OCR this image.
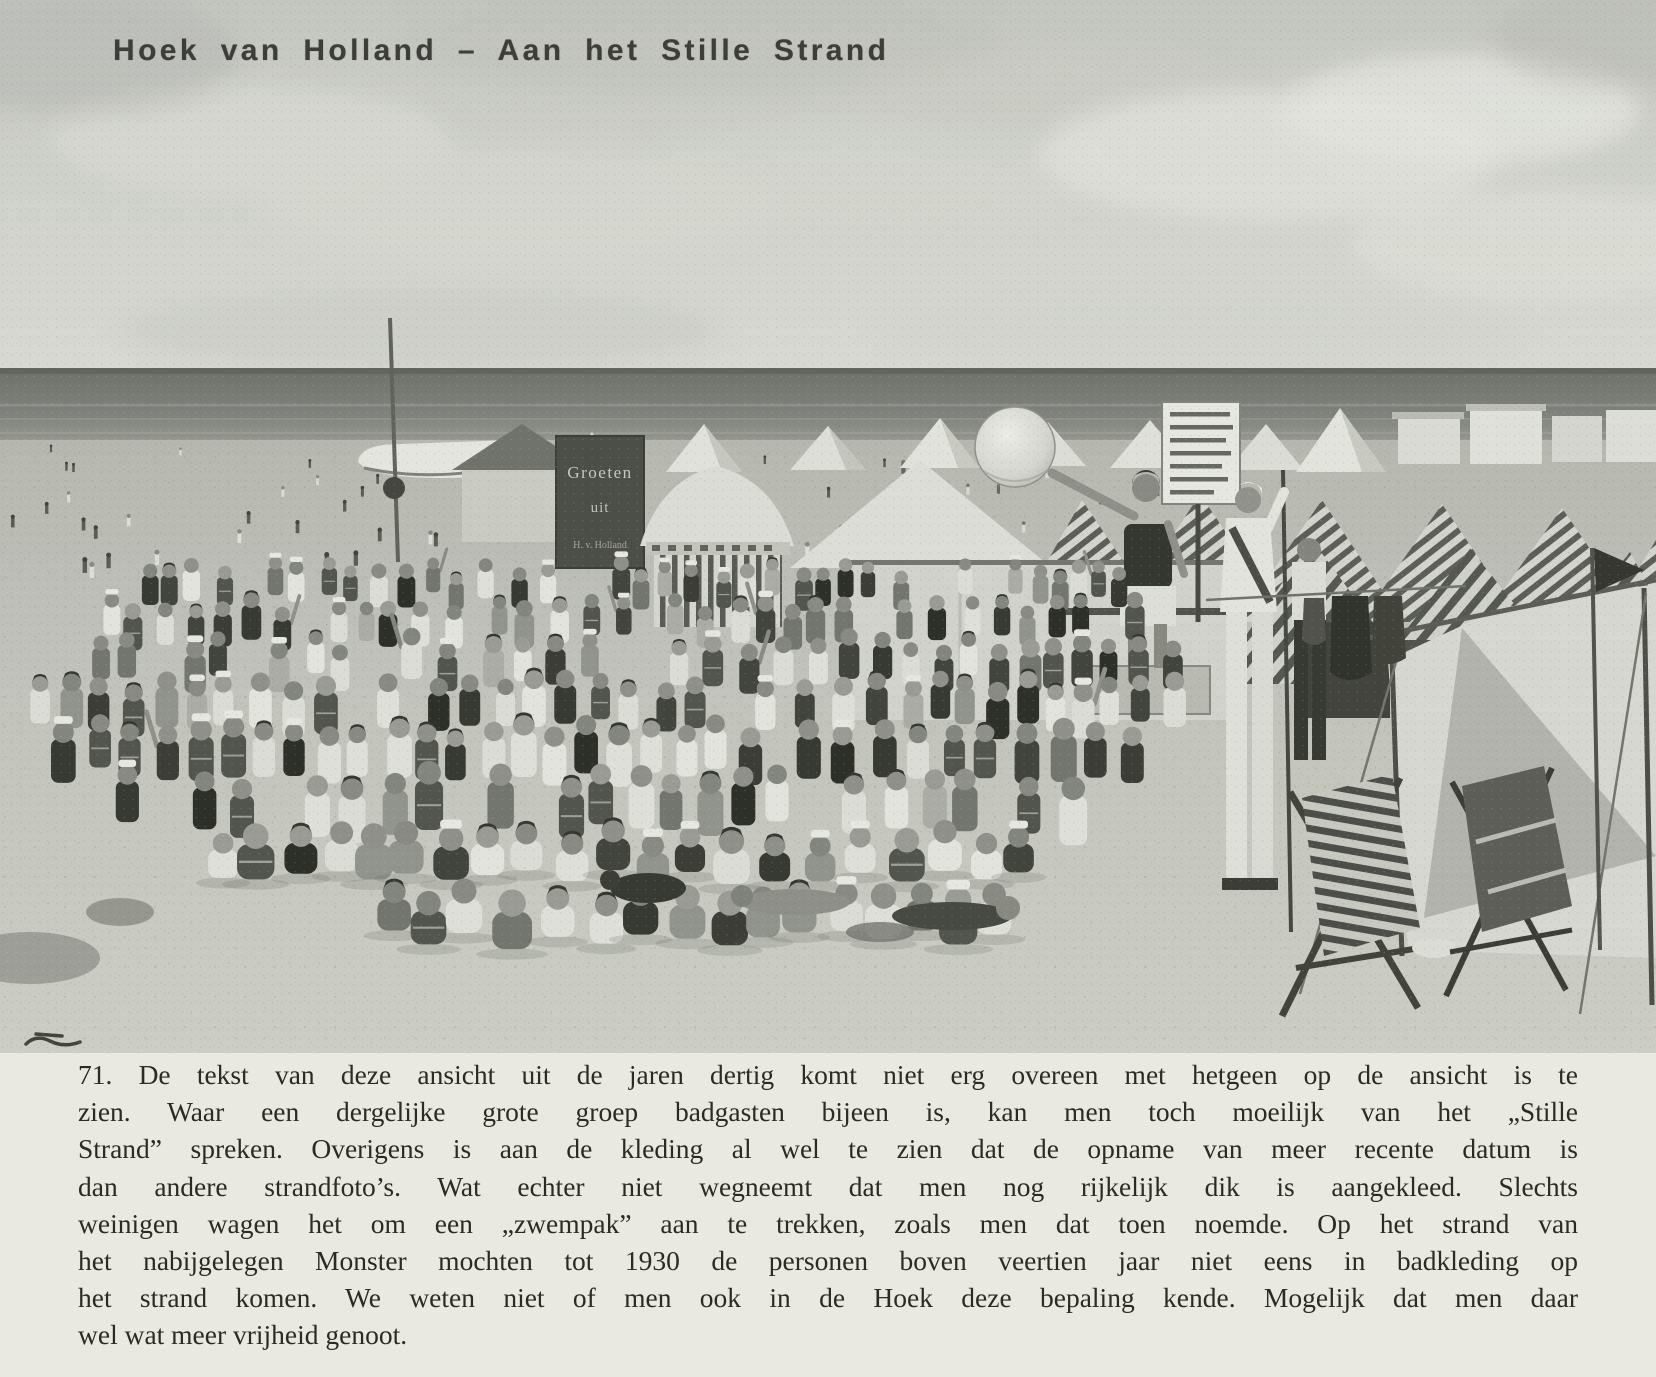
Hoek van Holland – Aan het Stille Strand
71. De tekst van deze ansicht uit de jaren dertig komt niet erg overeen met hetgeen op de ansicht is te
zien. Waar een dergelijke grote groep badgasten bijeen is, kan men toch moeilijk van het „Stille
Strand” spreken. Overigens is aan de kleding al wel te zien dat de opname van meer recente datum is
dan andere strandfoto’s. Wat echter niet wegneemt dat men nog rijkelijk dik is aangekleed. Slechts
weinigen wagen het om een „zwempak” aan te trekken, zoals men dat toen noemde. Op het strand van
het nabijgelegen Monster mochten tot 1930 de personen boven veertien jaar niet eens in badkleding op
het strand komen. We weten niet of men ook in de Hoek deze bepaling kende. Mogelijk dat men daar
wel wat meer vrijheid genoot.
